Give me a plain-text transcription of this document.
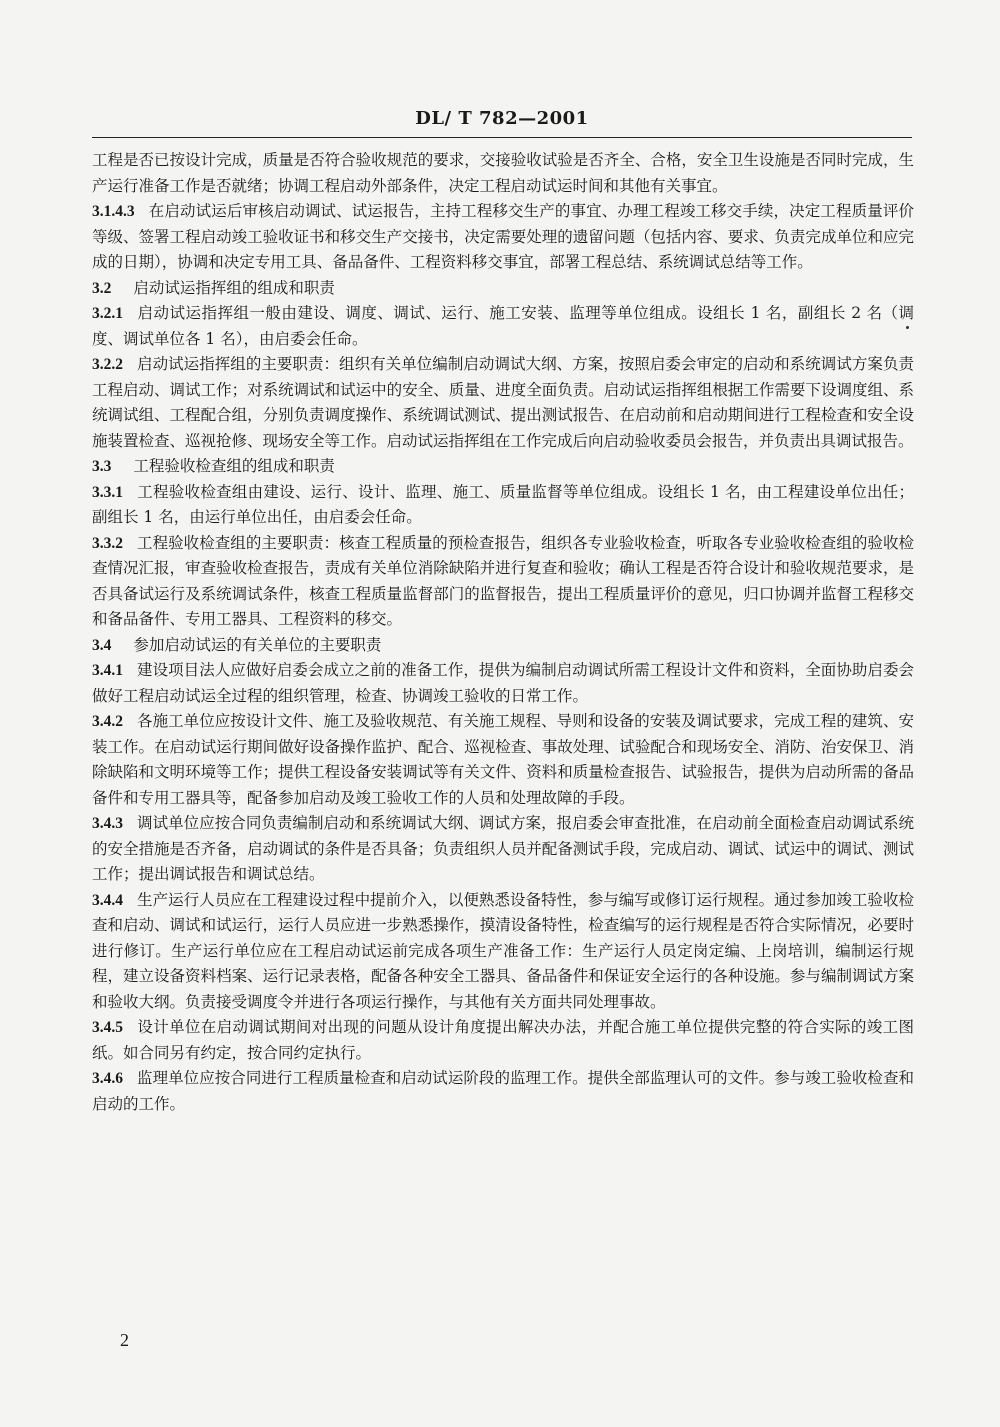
DL/ T 782—2001

工程是否已按设计完成，质量是否符合验收规范的要求，交接验收试验是否齐全、合格，安全卫生设施是否同时完成，生产运行准备工作是否就绪；协调工程启动外部条件，决定工程启动试运时间和其他有关事宜。

3.1.4.3 在启动试运后审核启动调试、试运报告，主持工程移交生产的事宜、办理工程竣工移交手续，决定工程质量评价等级、签署工程启动竣工验收证书和移交生产交接书，决定需要处理的遗留问题（包括内容、要求、负责完成单位和应完成的日期），协调和决定专用工具、备品备件、工程资料移交事宜，部署工程总结、系统调试总结等工作。

3.2 启动试运指挥组的组成和职责

3.2.1 启动试运指挥组一般由建设、调度、调试、运行、施工安装、监理等单位组成。设组长 1 名，副组长 2 名（调度、调试单位各 1 名），由启委会任命。

3.2.2 启动试运指挥组的主要职责：组织有关单位编制启动调试大纲、方案，按照启委会审定的启动和系统调试方案负责工程启动、调试工作；对系统调试和试运中的安全、质量、进度全面负责。启动试运指挥组根据工作需要下设调度组、系统调试组、工程配合组，分别负责调度操作、系统调试测试、提出测试报告、在启动前和启动期间进行工程检查和安全设施装置检查、巡视抢修、现场安全等工作。启动试运指挥组在工作完成后向启动验收委员会报告，并负责出具调试报告。

3.3 工程验收检查组的组成和职责

3.3.1 工程验收检查组由建设、运行、设计、监理、施工、质量监督等单位组成。设组长 1 名，由工程建设单位出任；副组长 1 名，由运行单位出任，由启委会任命。

3.3.2 工程验收检查组的主要职责：核查工程质量的预检查报告，组织各专业验收检查，听取各专业验收检查组的验收检查情况汇报，审查验收检查报告，责成有关单位消除缺陷并进行复查和验收；确认工程是否符合设计和验收规范要求，是否具备试运行及系统调试条件，核查工程质量监督部门的监督报告，提出工程质量评价的意见，归口协调并监督工程移交和备品备件、专用工器具、工程资料的移交。

3.4 参加启动试运的有关单位的主要职责

3.4.1 建设项目法人应做好启委会成立之前的准备工作，提供为编制启动调试所需工程设计文件和资料，全面协助启委会做好工程启动试运全过程的组织管理，检查、协调竣工验收的日常工作。

3.4.2 各施工单位应按设计文件、施工及验收规范、有关施工规程、导则和设备的安装及调试要求，完成工程的建筑、安装工作。在启动试运行期间做好设备操作监护、配合、巡视检查、事故处理、试验配合和现场安全、消防、治安保卫、消除缺陷和文明环境等工作；提供工程设备安装调试等有关文件、资料和质量检查报告、试验报告，提供为启动所需的备品备件和专用工器具等，配备参加启动及竣工验收工作的人员和处理故障的手段。

3.4.3 调试单位应按合同负责编制启动和系统调试大纲、调试方案，报启委会审查批准，在启动前全面检查启动调试系统的安全措施是否齐备，启动调试的条件是否具备；负责组织人员并配备测试手段，完成启动、调试、试运中的调试、测试工作；提出调试报告和调试总结。

3.4.4 生产运行人员应在工程建设过程中提前介入，以便熟悉设备特性，参与编写或修订运行规程。通过参加竣工验收检查和启动、调试和试运行，运行人员应进一步熟悉操作，摸清设备特性，检查编写的运行规程是否符合实际情况，必要时进行修订。生产运行单位应在工程启动试运前完成各项生产准备工作：生产运行人员定岗定编、上岗培训，编制运行规程，建立设备资料档案、运行记录表格，配备各种安全工器具、备品备件和保证安全运行的各种设施。参与编制调试方案和验收大纲。负责接受调度令并进行各项运行操作，与其他有关方面共同处理事故。

3.4.5 设计单位在启动调试期间对出现的问题从设计角度提出解决办法，并配合施工单位提供完整的符合实际的竣工图纸。如合同另有约定，按合同约定执行。

3.4.6 监理单位应按合同进行工程质量检查和启动试运阶段的监理工作。提供全部监理认可的文件。参与竣工验收检查和启动的工作。

2
